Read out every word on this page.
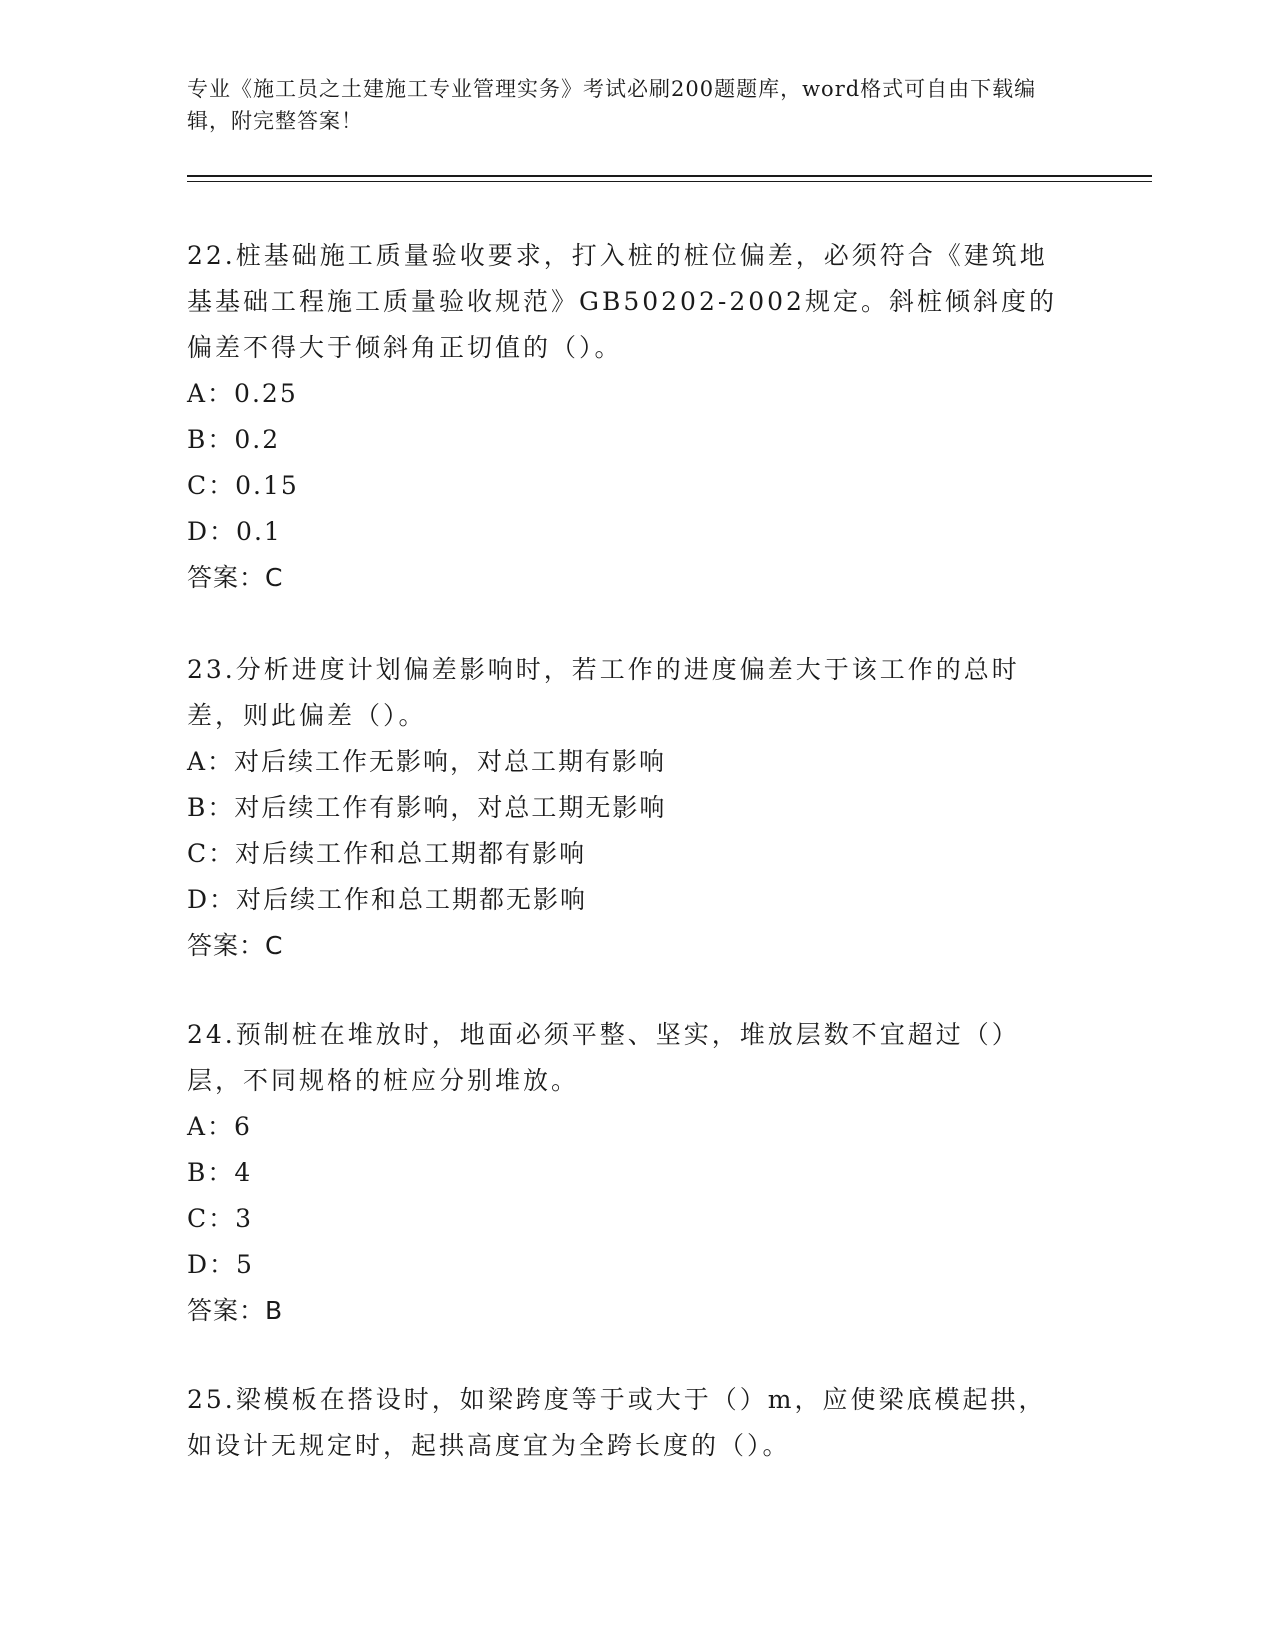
专业《施工员之土建施工专业管理实务》考试必刷200题题库，word格式可自由下载编辑，附完整答案！
22.桩基础施工质量验收要求，打入桩的桩位偏差，必须符合《建筑地基基础工程施工质量验收规范》GB50202-2002规定。斜桩倾斜度的偏差不得大于倾斜角正切值的（）。
A：0.25
B：0.2
C：0.15
D：0.1
答案：C
23.分析进度计划偏差影响时，若工作的进度偏差大于该工作的总时差，则此偏差（）。
A：对后续工作无影响，对总工期有影响
B：对后续工作有影响，对总工期无影响
C：对后续工作和总工期都有影响
D：对后续工作和总工期都无影响
答案：C
24.预制桩在堆放时，地面必须平整、坚实，堆放层数不宜超过（）层，不同规格的桩应分别堆放。
A：6
B：4
C：3
D：5
答案：B
25.梁模板在搭设时，如梁跨度等于或大于（）m，应使梁底模起拱，如设计无规定时，起拱高度宜为全跨长度的（）。
